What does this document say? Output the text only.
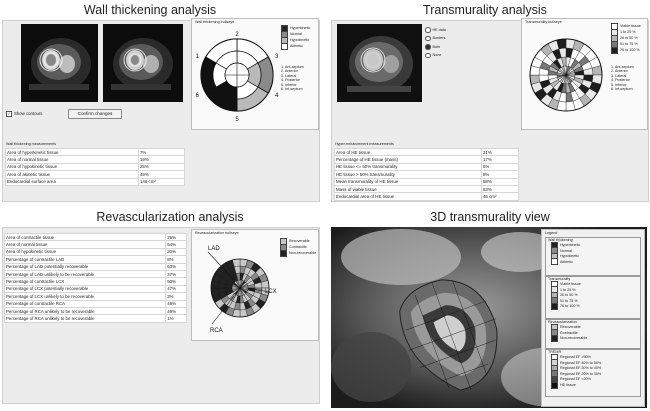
Wall thickening analysis	Transmurality analysis
Revascularization analysis	3D transmurality view
Wall thickening bullseye
2
1	3
4
5
6
Hyperkinetic
Normal
Hypokinetic
Akinetic
1. Ant-septum
2. Anterior
3. Lateral
4. Posterior
5. Inferior
6. Inf-septum
✓ Show contours	Confirm changes
Wall thickening measurements
Area of hyperkinetic tissue	7%
Area of normal tissue	19%
Area of hypokinetic tissue	25%
Area of akinetic tissue	49%
Endocardial surface area	146 cm²
HE data
Borders
Both
None
Transmurality bullseye
Viable tissue
1 to 25 %
26 to 50 %
51 to 75 %
76 to 100 %
1. Ant-septum
2. Anterior
3. Lateral
4. Posterior
5. Inferior
6. Inf-septum
Hyper-enhancement measurements
Area of HE tissue	31%
Percentage of HE tissue (mass)	17%
HE tissue <= 50% transmurality	6%
HE tissue > 50% transmurality	8%
Mean transmurality of HE tissue	58%
Mass of viable tissue	83%
Endocardial area of HE tissue	46 cm²
Area of contractile tissue	26%
Area of normal tissue	54%
Area of hypokinetic tissue	20%
Percentage of contractile LAD	8%
Percentage of LAD potentially recoverable	63%
Percentage of LAD unlikely to be recoverable	37%
Percentage of contractile LCX	50%
Percentage of LCX potentially recoverable	47%
Percentage of LCX unlikely to be recoverable	3%
Percentage of contractile RCA	49%
Percentage of RCA unlikely to be recoverable	49%
Percentage of RCA unlikely to be recoverable	1%
Revascularization bullseye
LAD
LCX
RCA
Recoverable
Contractile
Non-recoverable
Legend
Wall thickening
Hyperkinetic
Normal
Hypokinetic
Akinetic
Transmurality
Viable tissue
1 to 25 %
26 to 50 %
51 to 75 %
76 to 100 %
Revascularization
Recoverable
Contractile
Non-recoverable
TREMR
Regional EF >50%
Regional EF 40% to 50%
Regional EF 30% to 40%
Regional EF 20% to 30%
Regional EF <20%
HE tissue
